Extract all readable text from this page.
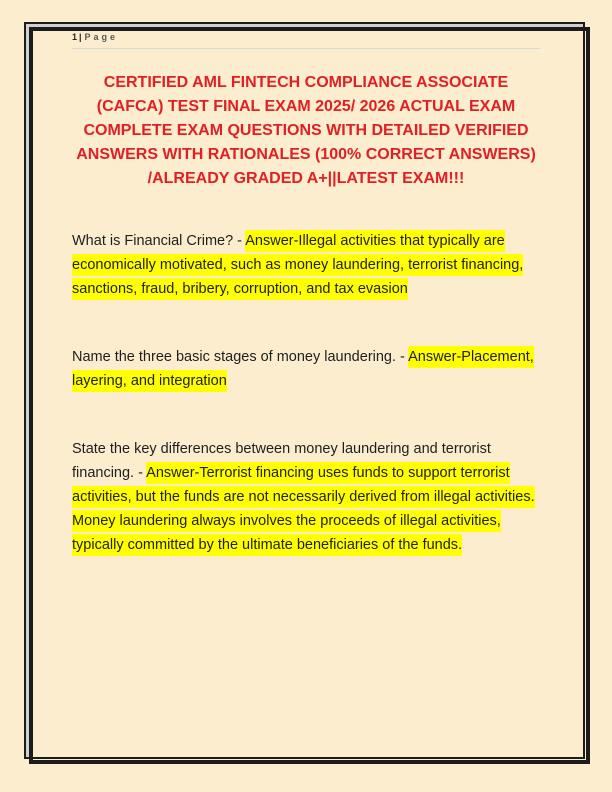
1| Page
CERTIFIED AML FINTECH COMPLIANCE ASSOCIATE (CAFCA) TEST FINAL EXAM 2025/ 2026 ACTUAL EXAM COMPLETE EXAM QUESTIONS WITH DETAILED VERIFIED ANSWERS WITH RATIONALES (100% CORRECT ANSWERS) /ALREADY GRADED A+||LATEST EXAM!!!

What is Financial Crime? - Answer-Illegal activities that typically are economically motivated, such as money laundering, terrorist financing, sanctions, fraud, bribery, corruption, and tax evasion

Name the three basic stages of money laundering. - Answer-Placement, layering, and integration

State the key differences between money laundering and terrorist financing. - Answer-Terrorist financing uses funds to support terrorist activities, but the funds are not necessarily derived from illegal activities. Money laundering always involves the proceeds of illegal activities, typically committed by the ultimate beneficiaries of the funds.
